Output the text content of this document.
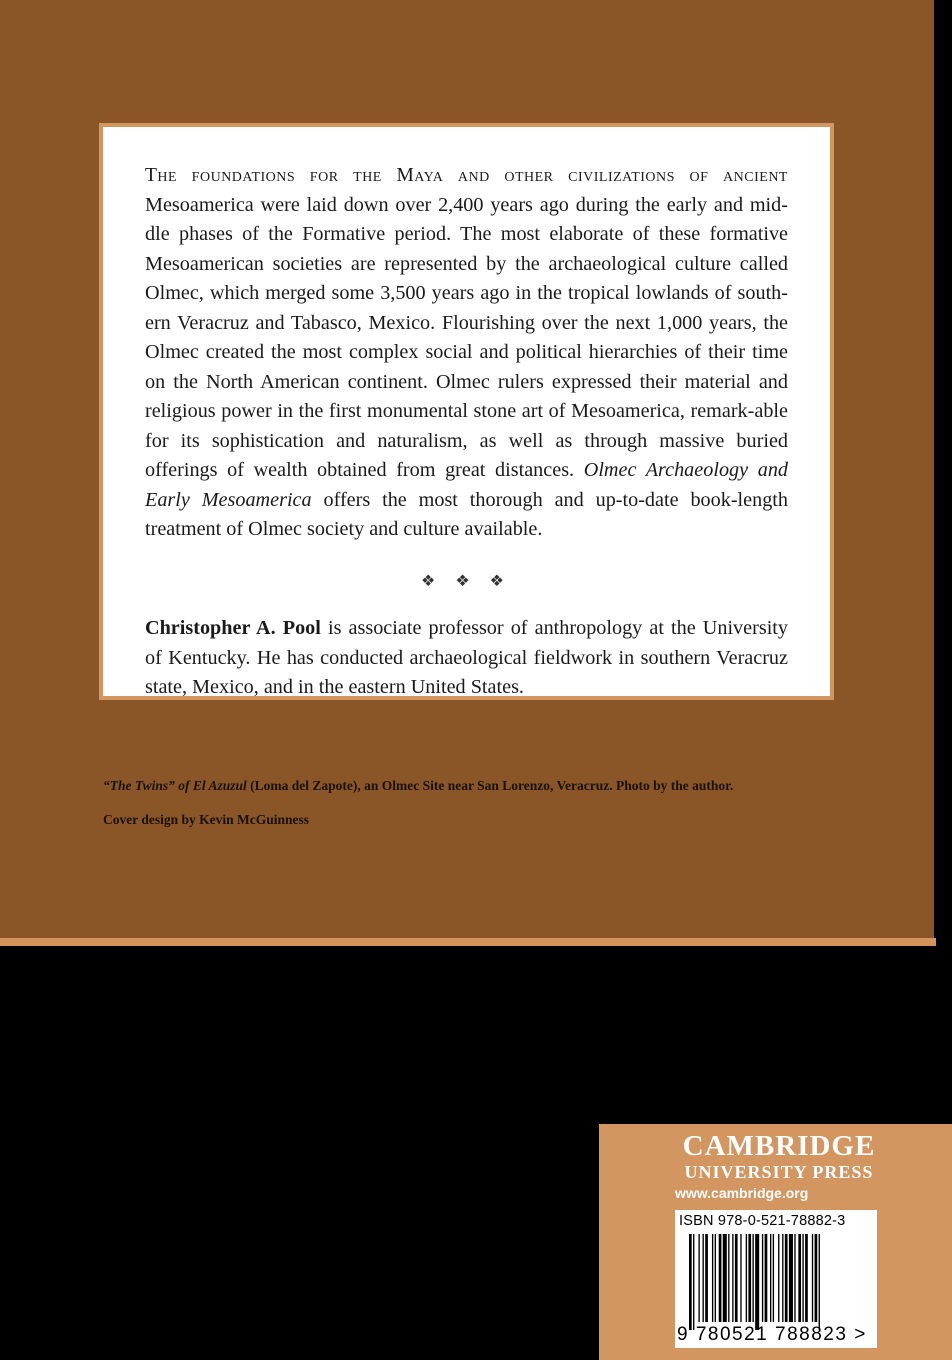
The foundations for the Maya and other civilizations of ancient
Mesoamerica were laid down over 2,400 years ago during the early and mid-dle phases of the Formative period. The most elaborate of these formative Mesoamerican societies are represented by the archaeological culture called Olmec, which merged some 3,500 years ago in the tropical lowlands of south-ern Veracruz and Tabasco, Mexico. Flourishing over the next 1,000 years, the Olmec created the most complex social and political hierarchies of their time on the North American continent. Olmec rulers expressed their material and religious power in the first monumental stone art of Mesoamerica, remark-able for its sophistication and naturalism, as well as through massive buried offerings of wealth obtained from great distances. Olmec Archaeology and Early Mesoamerica offers the most thorough and up-to-date book-length treatment of Olmec society and culture available.

❖ ❖ ❖

Christopher A. Pool is associate professor of anthropology at the University of Kentucky. He has conducted archaeological fieldwork in southern Veracruz state, Mexico, and in the eastern United States.

“The Twins” of El Azuzul (Loma del Zapote), an Olmec Site near San Lorenzo, Veracruz. Photo by the author.
Cover design by Kevin McGuinness
CAMBRIDGE
UNIVERSITY PRESS
www.cambridge.org
ISBN 978-0-521-78882-3
9 780521 788823 >
